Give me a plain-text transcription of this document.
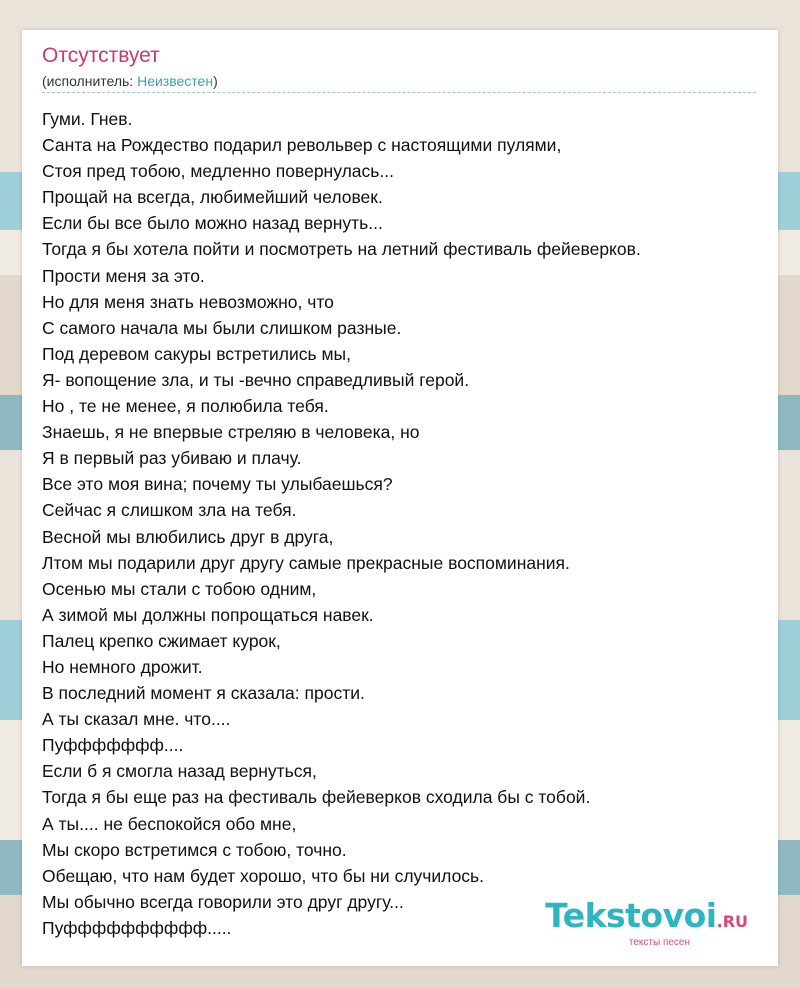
Отсутствует
(исполнитель: Неизвестен)
Гуми. Гнев.
Санта на Рождество подарил револьвер с настоящими пулями,
Стоя пред тобою, медленно повернулась...
Прощай на всегда, любимейший человек.
Если бы все было можно назад вернуть...
Тогда я бы хотела пойти и посмотреть на летний фестиваль фейеверков.
Прости меня за это.
Но для меня знать невозможно, что
С самого начала мы были слишком разные.
Под деревом сакуры встретились мы,
Я- вопощение зла, и ты -вечно справедливый герой.
Но , те не менее, я полюбила тебя.
Знаешь, я не впервые стреляю в человека, но
Я в первый раз убиваю и плачу.
Все это моя вина; почему ты улыбаешься?
Сейчас я слишком зла на тебя.
Весной мы влюбились друг в друга,
Лтом мы подарили друг другу самые прекрасные воспоминания.
Осенью мы стали с тобою одним,
А зимой мы должны попрощаться навек.
Палец крепко сжимает курок,
Но немного дрожит.
В последний момент я сказала: прости.
А ты сказал мне. что....
Пуффффффф....
Если б я смогла назад вернуться,
Тогда я бы еще раз на фестиваль фейеверков сходила бы с тобой.
А ты.... не беспокойся обо мне,
Мы скоро встретимся с тобою, точно.
Обещаю, что нам будет хорошо, что бы ни случилось.
Мы обычно всегда говорили это друг другу...
Пуфффффффффф.....	Tekstovoi.RU
тексты песен
